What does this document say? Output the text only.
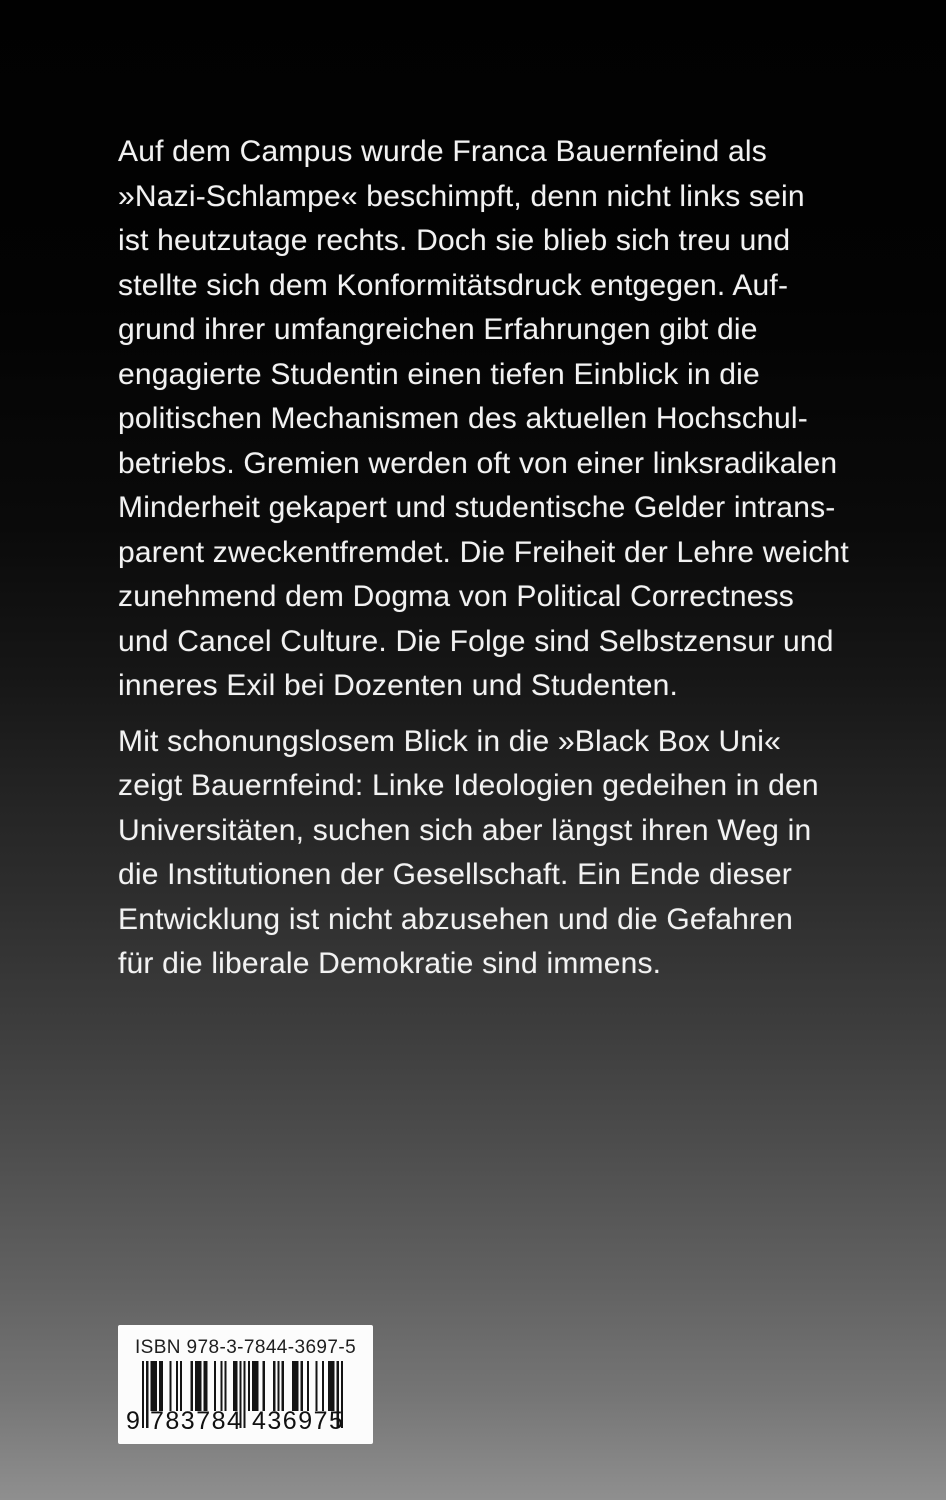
Auf dem Campus wurde Franca Bauernfeind als
»Nazi-Schlampe« beschimpft, denn nicht links sein
ist heutzutage rechts. Doch sie blieb sich treu und
stellte sich dem Konformitätsdruck entgegen. Auf-
grund ihrer umfangreichen Erfahrungen gibt die
engagierte Studentin einen tiefen Einblick in die
politischen Mechanismen des aktuellen Hochschul-
betriebs. Gremien werden oft von einer linksradikalen
Minderheit gekapert und studentische Gelder intrans-
parent zweckentfremdet. Die Freiheit der Lehre weicht
zunehmend dem Dogma von Political Correctness
und Cancel Culture. Die Folge sind Selbstzensur und
inneres Exil bei Dozenten und Studenten.
Mit schonungslosem Blick in die »Black Box Uni«
zeigt Bauernfeind: Linke Ideologien gedeihen in den
Universitäten, suchen sich aber längst ihren Weg in
die Institutionen der Gesellschaft. Ein Ende dieser
Entwicklung ist nicht abzusehen und die Gefahren
für die liberale Demokratie sind immens.
ISBN 978-3-7844-3697-5
9 783784 436975
